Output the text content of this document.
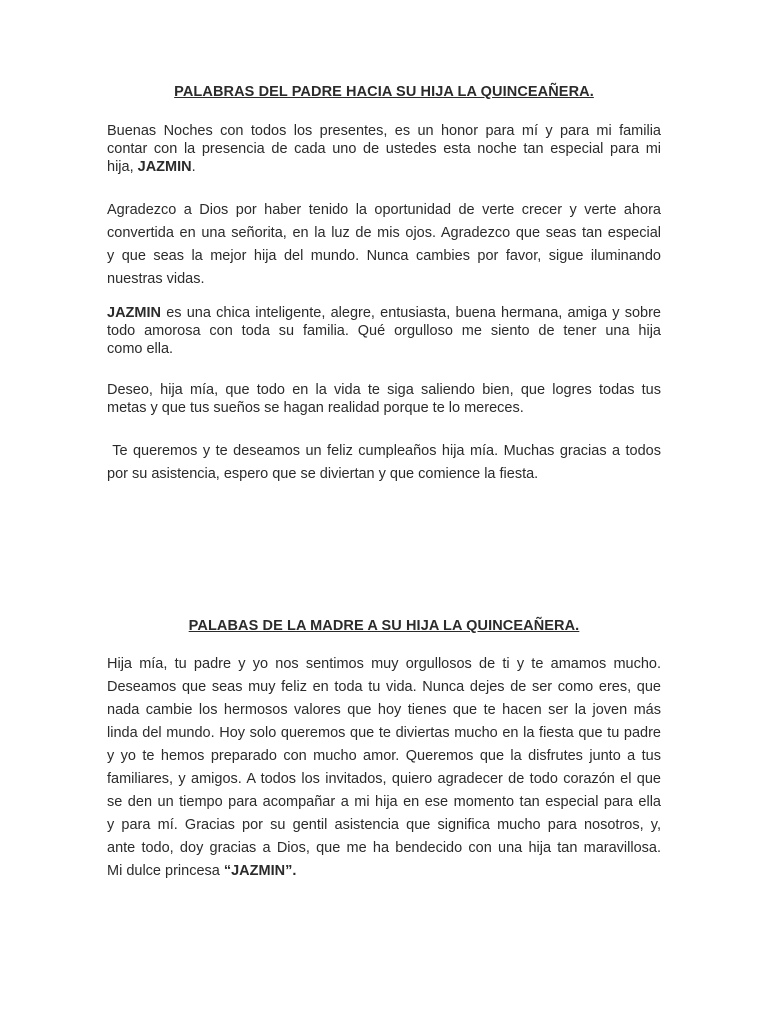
PALABRAS DEL PADRE HACIA SU HIJA LA QUINCEAÑERA.
Buenas Noches con todos los presentes, es un honor para mí y para mi familia
contar con la presencia de cada uno de ustedes esta noche tan especial para mi
hija, JAZMIN.
Agradezco a Dios por haber tenido la oportunidad de verte crecer y verte ahora
convertida en una señorita, en la luz de mis ojos. Agradezco que seas tan especial
y que seas la mejor hija del mundo. Nunca cambies por favor, sigue iluminando
nuestras vidas.
JAZMIN es una chica inteligente, alegre, entusiasta, buena hermana, amiga y sobre
todo amorosa con toda su familia. Qué orgulloso me siento de tener una hija
como ella.
Deseo, hija mía, que todo en la vida te siga saliendo bien, que logres todas tus
metas y que tus sueños se hagan realidad porque te lo mereces.
Te queremos y te deseamos un feliz cumpleaños hija mía. Muchas gracias a todos
por su asistencia, espero que se diviertan y que comience la fiesta.
PALABAS DE LA MADRE A SU HIJA LA QUINCEAÑERA.
Hija mía, tu padre y yo nos sentimos muy orgullosos de ti y te amamos mucho.
Deseamos que seas muy feliz en toda tu vida. Nunca dejes de ser como eres, que
nada cambie los hermosos valores que hoy tienes que te hacen ser la joven más
linda del mundo. Hoy solo queremos que te diviertas mucho en la fiesta que tu padre
y yo te hemos preparado con mucho amor. Queremos que la disfrutes junto a tus
familiares, y amigos. A todos los invitados, quiero agradecer de todo corazón el que
se den un tiempo para acompañar a mi hija en ese momento tan especial para ella
y para mí. Gracias por su gentil asistencia que significa mucho para nosotros, y,
ante todo, doy gracias a Dios, que me ha bendecido con una hija tan maravillosa.
Mi dulce princesa “JAZMIN”.
